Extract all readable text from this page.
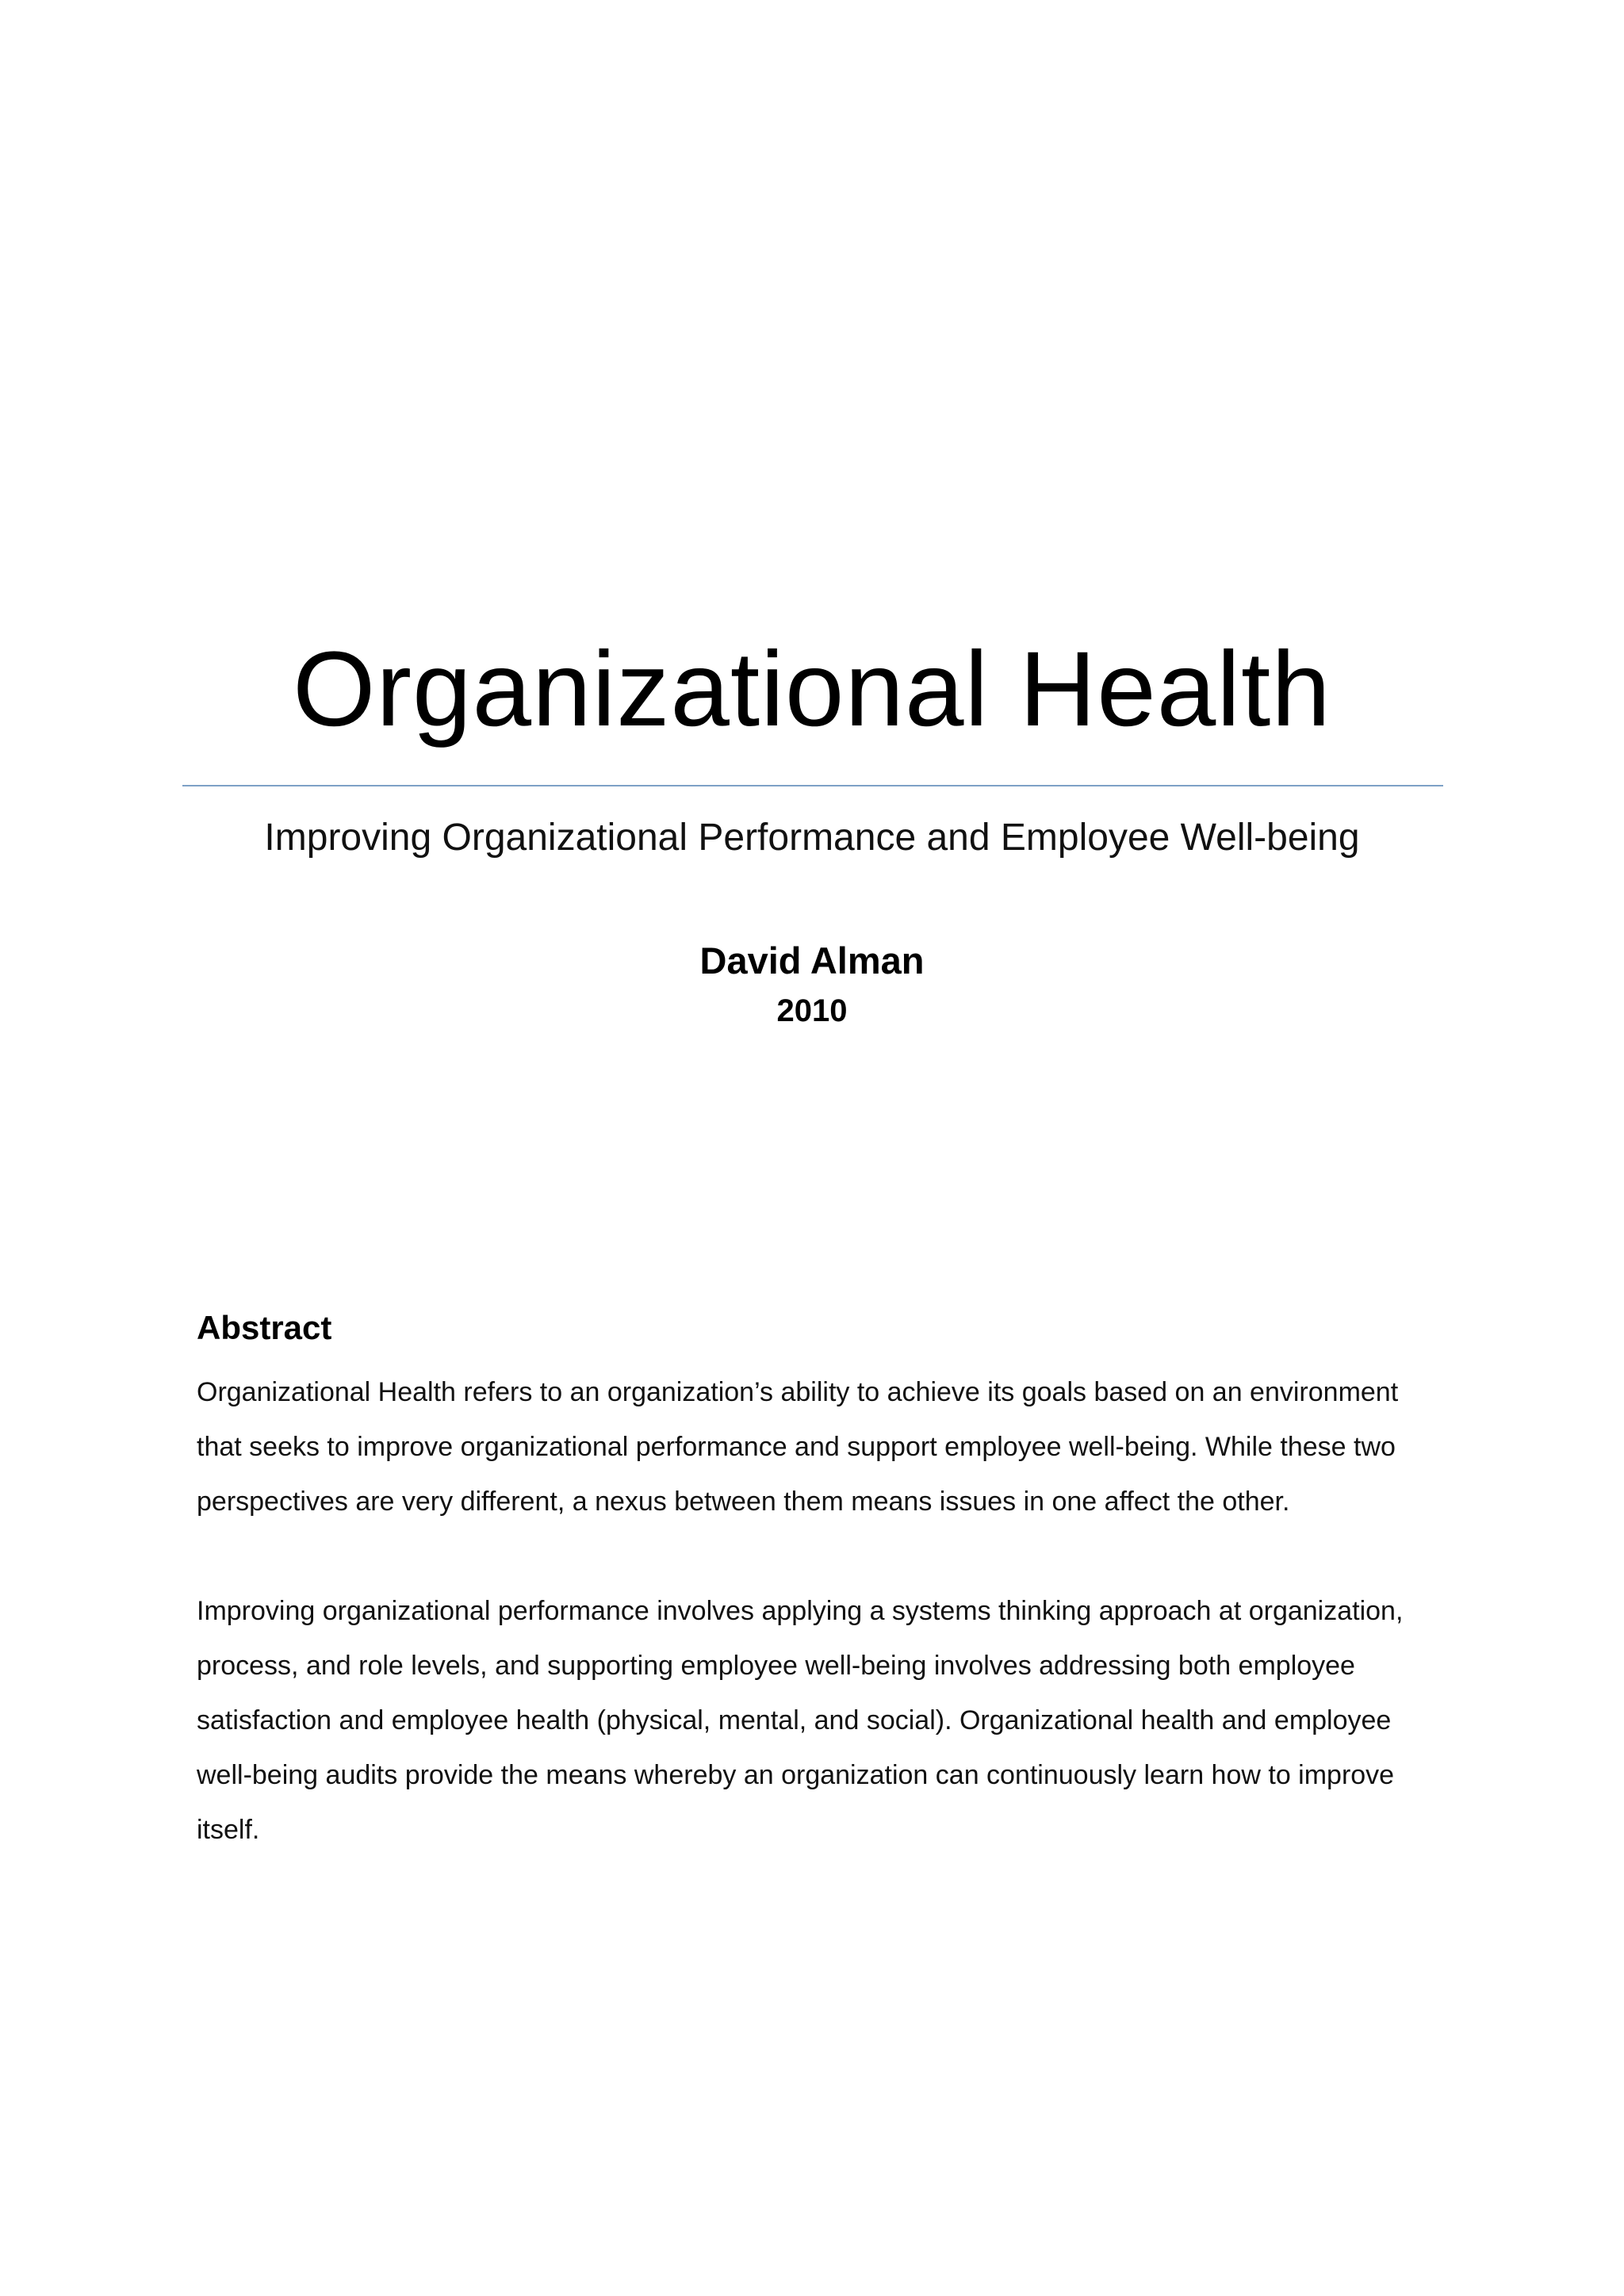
Organizational Health

Improving Organizational Performance and Employee Well-being

David Alman

2010

Abstract

Organizational Health refers to an organization’s ability to achieve its goals based on an environment that seeks to improve organizational performance and support employee well-being. While these two perspectives are very different, a nexus between them means issues in one affect the other.

Improving organizational performance involves applying a systems thinking approach at organization, process, and role levels, and supporting employee well-being involves addressing both employee satisfaction and employee health (physical, mental, and social). Organizational health and employee well-being audits provide the means whereby an organization can continuously learn how to improve itself.
